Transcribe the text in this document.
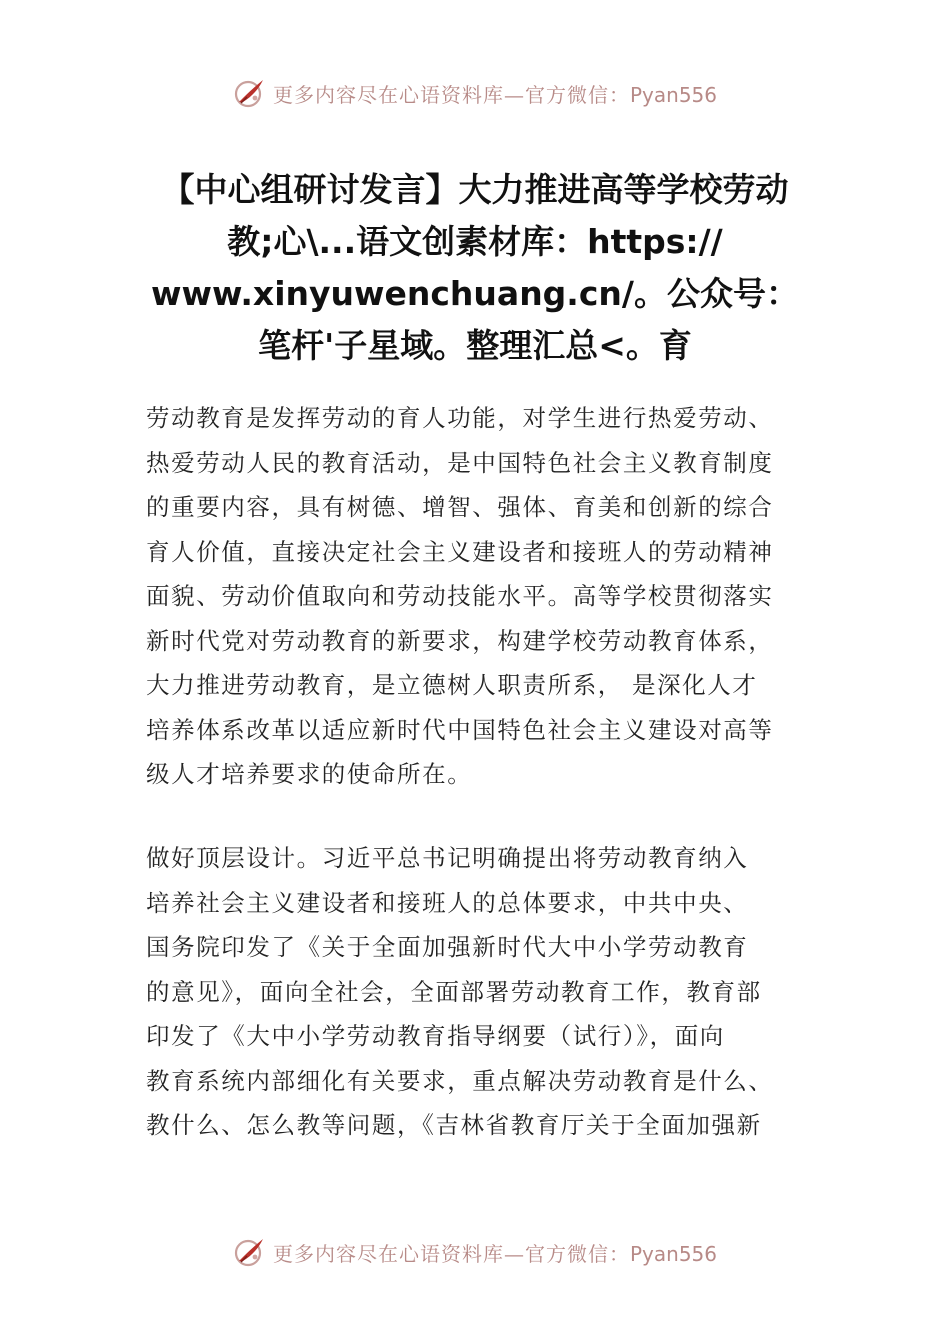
更多内容尽在心语资料库—官方微信：Pyan556
【中心组研讨发言】大力推进高等学校劳动
教;心\...语文创素材库：https://
www.xinyuwenchuang.cn/。公众号：
笔杆'子星域。整理汇总<。育
劳动教育是发挥劳动的育人功能，对学生进行热爱劳动、
热爱劳动人民的教育活动，是中国特色社会主义教育制度
的重要内容，具有树德、增智、强体、育美和创新的综合
育人价值，直接决定社会主义建设者和接班人的劳动精神
面貌、劳动价值取向和劳动技能水平。高等学校贯彻落实
新时代党对劳动教育的新要求，构建学校劳动教育体系，
大力推进劳动教育，是立德树人职责所系， 是深化人才
培养体系改革以适应新时代中国特色社会主义建设对高等
级人才培养要求的使命所在。
做好顶层设计。习近平总书记明确提出将劳动教育纳入
培养社会主义建设者和接班人的总体要求，中共中央、
国务院印发了《关于全面加强新时代大中小学劳动教育
的意见》，面向全社会，全面部署劳动教育工作，教育部
印发了《大中小学劳动教育指导纲要（试行）》，面向
教育系统内部细化有关要求，重点解决劳动教育是什么、
教什么、怎么教等问题，《吉林省教育厅关于全面加强新
更多内容尽在心语资料库—官方微信：Pyan556
